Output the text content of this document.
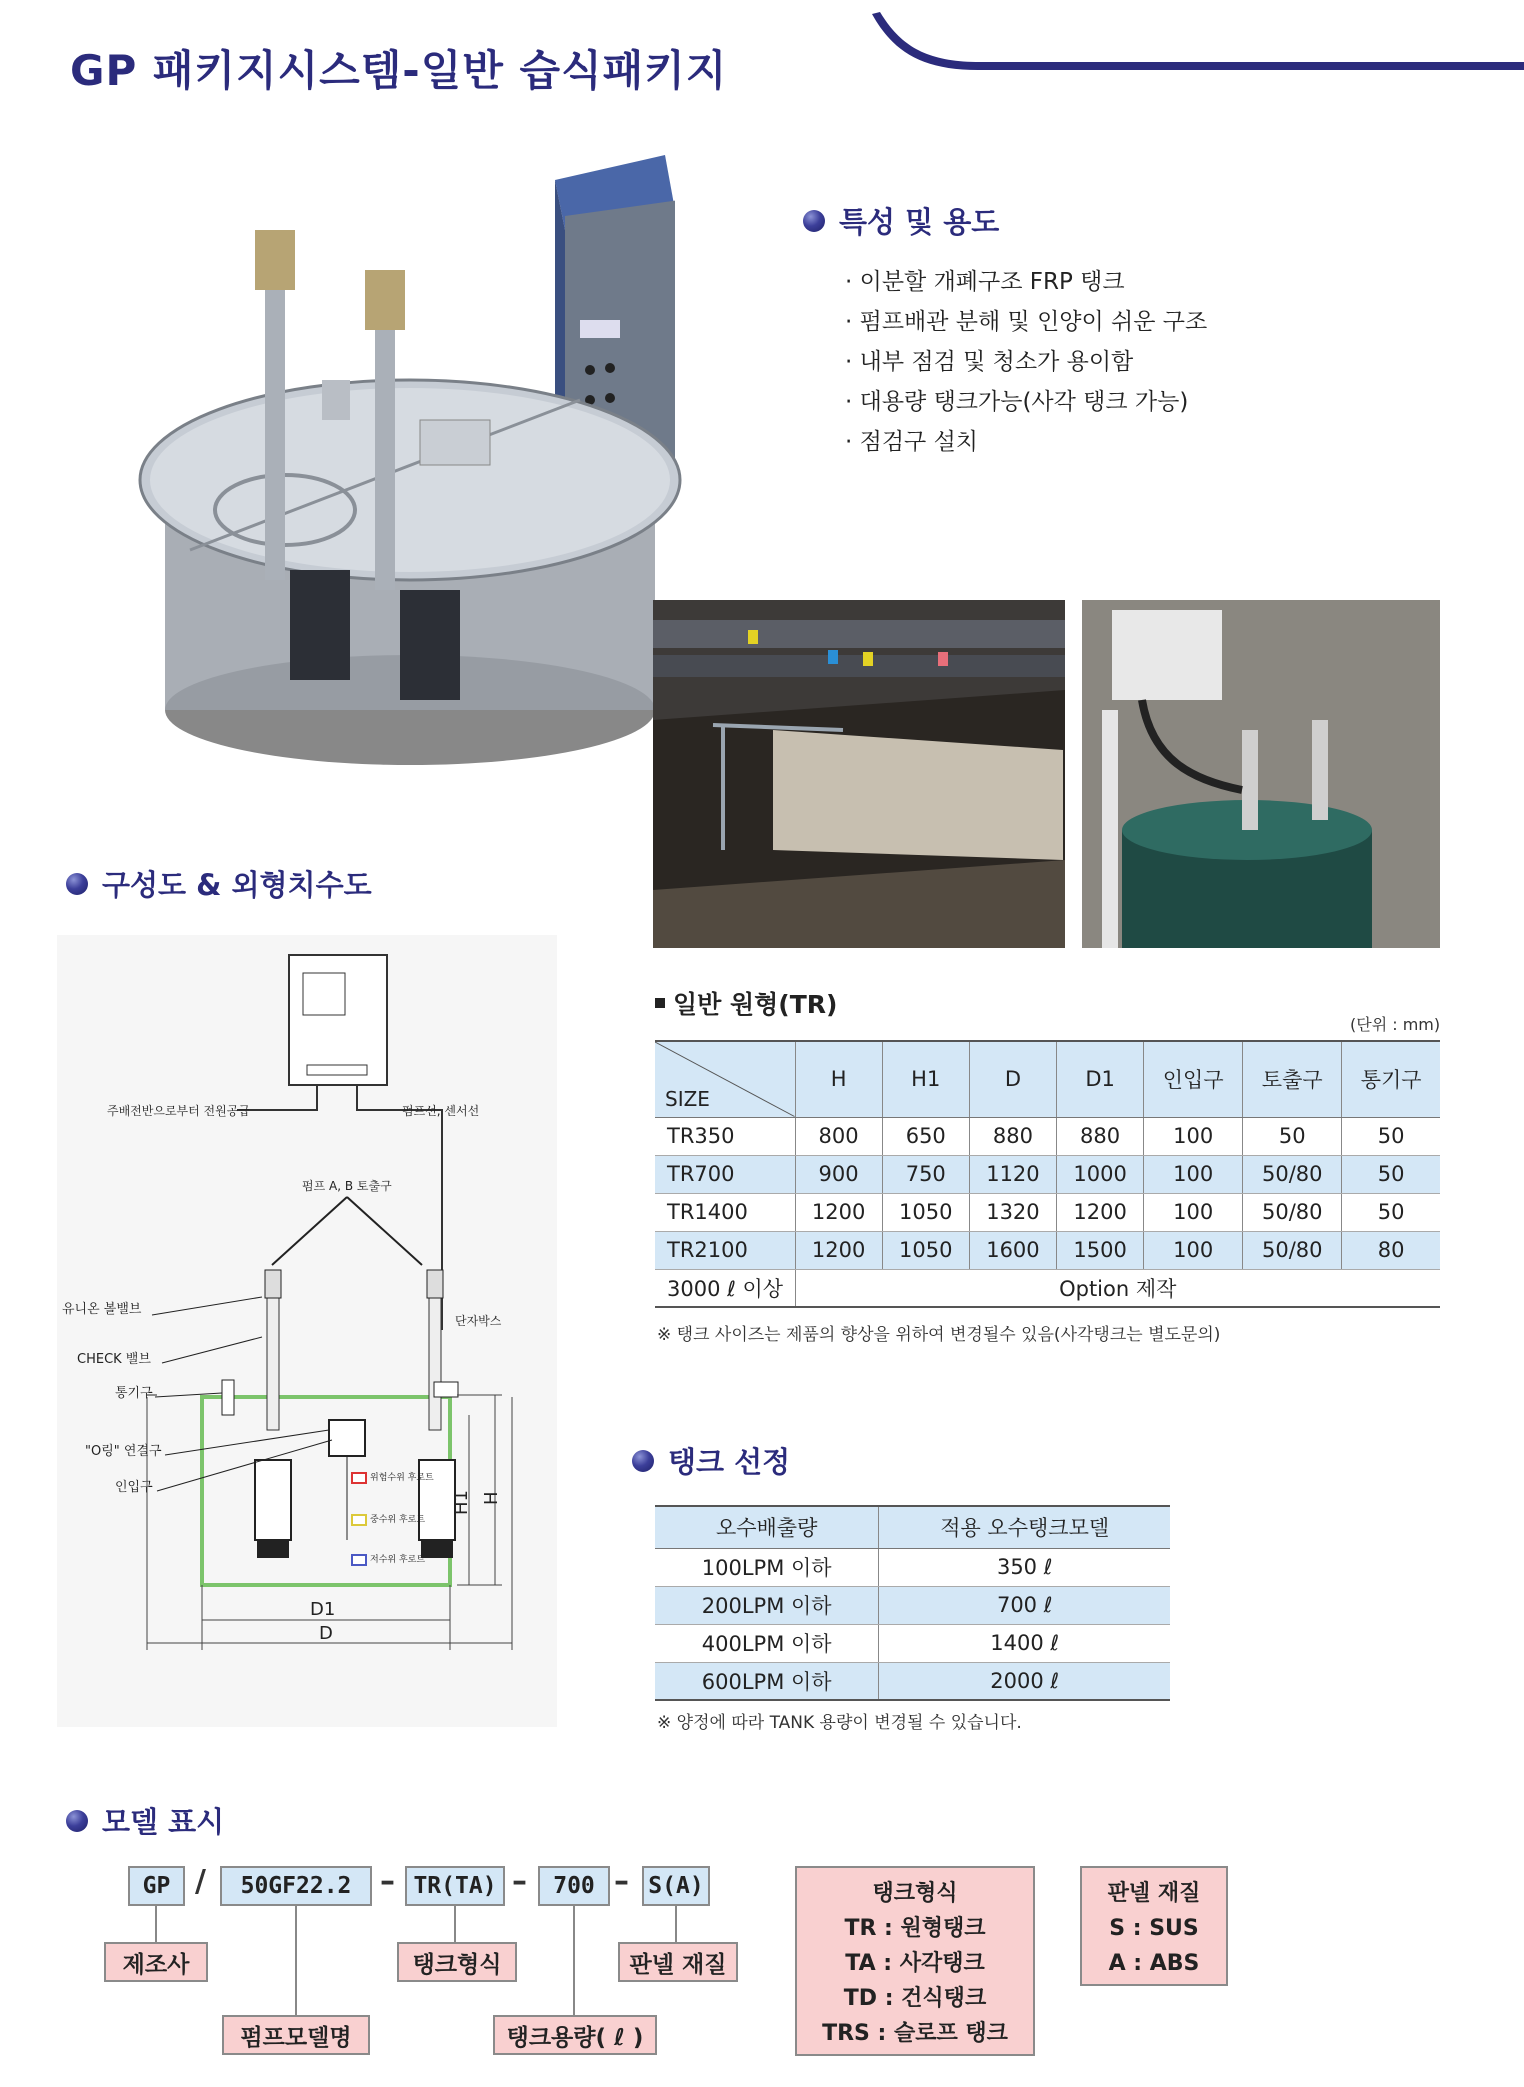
GP 패키지시스템-일반 습식패키지
특성 및 용도
· 이분할 개폐구조 FRP 탱크
· 펌프배관 분해 및 인양이 쉬운 구조
· 내부 점검 및 청소가 용이함
· 대용량 탱크가능(사각 탱크 가능)
· 점검구 설치
구성도 & 외형치수도
주배전반으로부터 전원공급	펌프선, 센서선
펌프 A, B 토출구
위험수위 후로트
중수위 후로트
저수위 후로트
유니온 볼밸브
CHECK 밸브
통기구
"O링" 연결구
인입구
단자박스
H1 H
D1
D
일반 원형(TR)
(단위 : mm)
SIZE	H	H1	D	D1	인입구	토출구	통기구
TR350	800	650	880	880	100	50	50
TR700	900	750	1120	1000	100	50/80	50
TR1400	1200	1050	1320	1200	100	50/80	50
TR2100	1200	1050	1600	1500	100	50/80	80
3000 ℓ 이상	Option 제작						
※ 탱크 사이즈는 제품의 향상을 위하여 변경될수 있음(사각탱크는 별도문의)
탱크 선정
오수배출량	적용 오수탱크모델
100LPM 이하	350 ℓ
200LPM 이하	700 ℓ
400LPM 이하	1400 ℓ
600LPM 이하	2000 ℓ
※ 양정에 따라 TANK 용량이 변경될 수 있습니다.
모델 표시
GP /	50GF22.2 – TR(TA) –	700 – S(A)
제조사	탱크형식	판넬 재질
펌프모델명	탱크용량( ℓ )
탱크형식
TR : 원형탱크
TA : 사각탱크
TD : 건식탱크
TRS : 슬로프 탱크
판넬 재질
S : SUS
A : ABS
